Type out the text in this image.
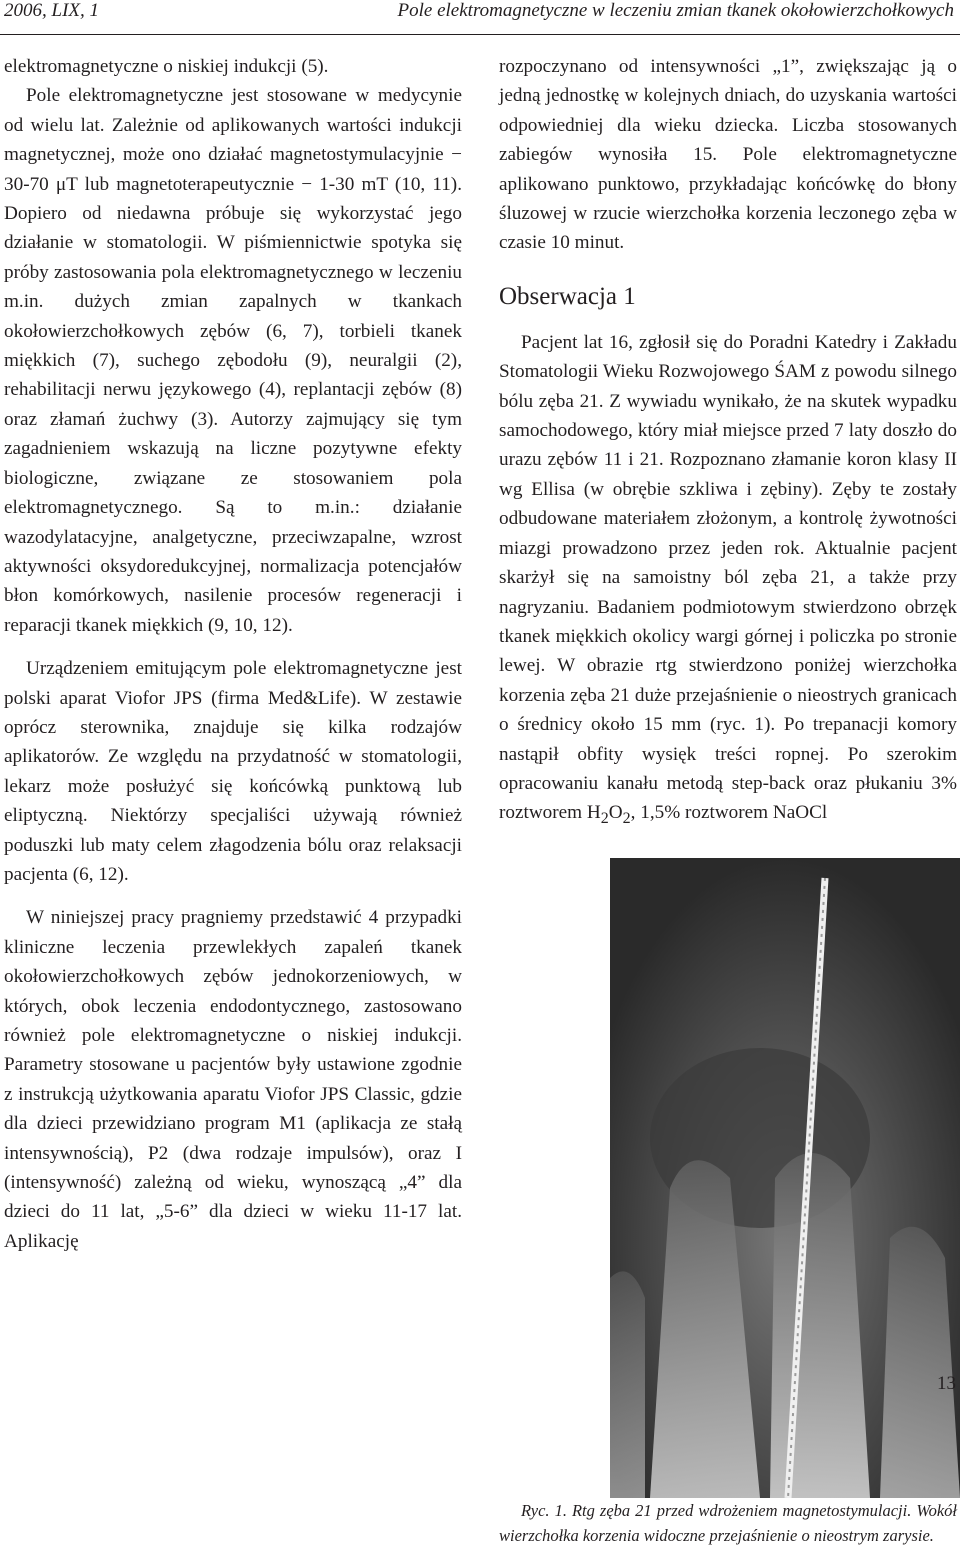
2006, LIX, 1	Pole elektromagnetyczne w leczeniu zmian tkanek okołowierzchołkowych

elektromagnetyczne o niskiej indukcji (5).

Pole elektromagnetyczne jest stosowane w medycynie od wielu lat. Zależnie od aplikowanych wartości indukcji magnetycznej, może ono działać magnetostymulacyjnie − 30-70 μT lub magnetoterapeutycznie − 1-30 mT (10, 11). Dopiero od niedawna próbuje się wykorzystać jego działanie w stomatologii. W piśmiennictwie spotyka się próby zastosowania pola elektromagnetycznego w leczeniu m.in. dużych zmian zapalnych w tkankach okołowierzchołkowych zębów (6, 7), torbieli tkanek miękkich (7), suchego zębodołu (9), neuralgii (2), rehabilitacji nerwu językowego (4), replantacji zębów (8) oraz złamań żuchwy (3). Autorzy zajmujący się tym zagadnieniem wskazują na liczne pozytywne efekty biologiczne, związane ze stosowaniem pola elektromagnetycznego. Są to m.in.: działanie wazodylatacyjne, analgetyczne, przeciwzapalne, wzrost aktywności oksydoredukcyjnej, normalizacja potencjałów błon komórkowych, nasilenie procesów regeneracji i reparacji tkanek miękkich (9, 10, 12).

Urządzeniem emitującym pole elektromagnetyczne jest polski aparat Viofor JPS (firma Med&Life). W zestawie oprócz sterownika, znajduje się kilka rodzajów aplikatorów. Ze względu na przydatność w stomatologii, lekarz może posłużyć się końcówką punktową lub eliptyczną. Niektórzy specjaliści używają również poduszki lub maty celem złagodzenia bólu oraz relaksacji pacjenta (6, 12).

W niniejszej pracy pragniemy przedstawić 4 przypadki kliniczne leczenia przewlekłych zapaleń tkanek okołowierzchołkowych zębów jednokorzeniowych, w których, obok leczenia endodontycznego, zastosowano również pole elektromagnetyczne o niskiej indukcji. Parametry stosowane u pacjentów były ustawione zgodnie z instrukcją użytkowania aparatu Viofor JPS Classic, gdzie dla dzieci przewidziano program M1 (aplikacja ze stałą intensywnością), P2 (dwa rodzaje impulsów), oraz I (intensywność) zależną od wieku, wynoszącą „4” dla dzieci do 11 lat, „5-6” dla dzieci w wieku 11-17 lat. Aplikację

rozpoczynano od intensywności „1”, zwiększając ją o jedną jednostkę w kolejnych dniach, do uzyskania wartości odpowiedniej dla wieku dziecka. Liczba stosowanych zabiegów wynosiła 15. Pole elektromagnetyczne aplikowano punktowo, przykładając końcówkę do błony śluzowej w rzucie wierzchołka korzenia leczonego zęba w czasie 10 minut.

Obserwacja 1

Pacjent lat 16, zgłosił się do Poradni Katedry i Zakładu Stomatologii Wieku Rozwojowego ŚAM z powodu silnego bólu zęba 21. Z wywiadu wynikało, że na skutek wypadku samochodowego, który miał miejsce przed 7 laty doszło do urazu zębów 11 i 21. Rozpoznano złamanie koron klasy II wg Ellisa (w obrębie szkliwa i zębiny). Zęby te zostały odbudowane materiałem złożonym, a kontrolę żywotności miazgi prowadzono przez jeden rok. Aktualnie pacjent skarżył się na samoistny ból zęba 21, a także przy nagryzaniu. Badaniem podmiotowym stwierdzono obrzęk tkanek miękkich okolicy wargi górnej i policzka po stronie lewej. W obrazie rtg stwierdzono poniżej wierzchołka korzenia zęba 21 duże przejaśnienie o nieostrych granicach o średnicy około 15 mm (ryc. 1). Po trepanacji komory nastąpił obfity wysięk treści ropnej. Po szerokim opracowaniu kanału metodą step-back oraz płukaniu 3% roztworem $H_2O_2$, 1,5% roztworem NaOCl

Ryc. 1. Rtg zęba 21 przed wdrożeniem magnetostymulacji. Wokół wierzchołka korzenia widoczne przejaśnienie o nieostrym zarysie.

13
